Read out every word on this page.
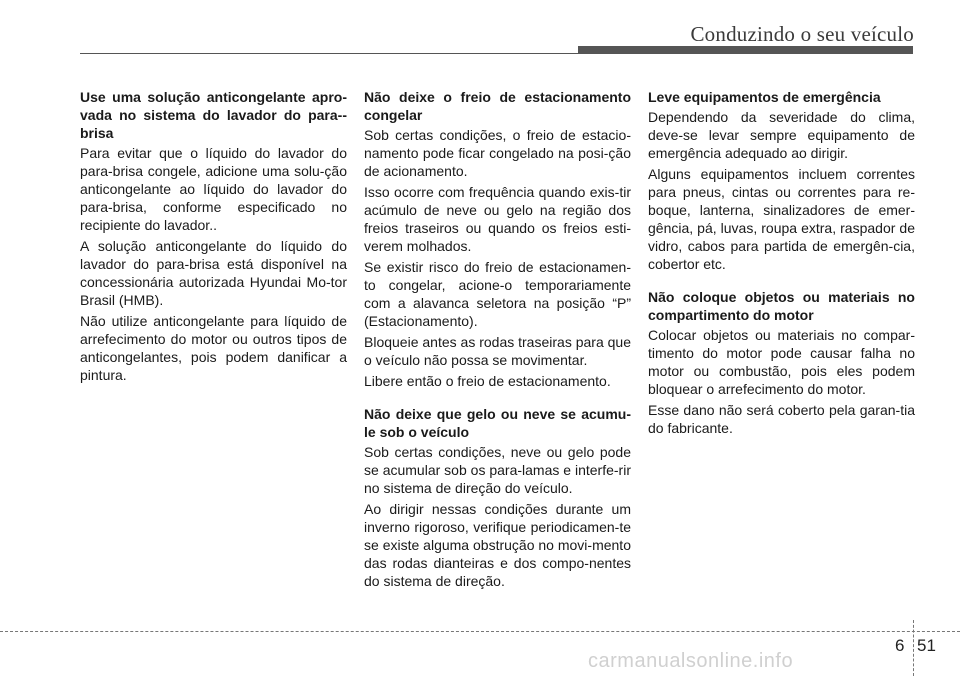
Conduzindo o seu veículo
Use uma solução anticongelante apro-vada no sistema do lavador do para--brisa
Para evitar que o líquido do lavador do para-brisa congele, adicione uma solu-ção anticongelante ao líquido do lavador do para-brisa, conforme especificado no recipiente do lavador..
A solução anticongelante do líquido do lavador do para-brisa está disponível na concessionária autorizada Hyundai Mo-tor Brasil (HMB).
Não utilize anticongelante para líquido de arrefecimento do motor ou outros tipos de anticongelantes, pois podem danificar a pintura.
Não deixe o freio de estacionamento congelar
Sob certas condições, o freio de estacio-namento pode ficar congelado na posi-ção de acionamento.
Isso ocorre com frequência quando exis-tir acúmulo de neve ou gelo na região dos freios traseiros ou quando os freios esti-verem molhados.
Se existir risco do freio de estacionamen-to congelar, acione-o temporariamente com a alavanca seletora na posição “P” (Estacionamento).
Bloqueie antes as rodas traseiras para que o veículo não possa se movimentar.
Libere então o freio de estacionamento.
Não deixe que gelo ou neve se acumu-le sob o veículo
Sob certas condições, neve ou gelo pode se acumular sob os para-lamas e interfe-rir no sistema de direção do veículo.
Ao dirigir nessas condições durante um inverno rigoroso, verifique periodicamen-te se existe alguma obstrução no movi-mento das rodas dianteiras e dos compo-nentes do sistema de direção.
Leve equipamentos de emergência
Dependendo da severidade do clima, deve-se levar sempre equipamento de emergência adequado ao dirigir.
Alguns equipamentos incluem correntes para pneus, cintas ou correntes para re-boque, lanterna, sinalizadores de emer-gência, pá, luvas, roupa extra, raspador de vidro, cabos para partida de emergên-cia, cobertor etc.
Não coloque objetos ou materiais no compartimento do motor
Colocar objetos ou materiais no compar-timento do motor pode causar falha no motor ou combustão, pois eles podem bloquear o arrefecimento do motor.
Esse dano não será coberto pela garan-tia do fabricante.
6 51
carmanualsonline.info
